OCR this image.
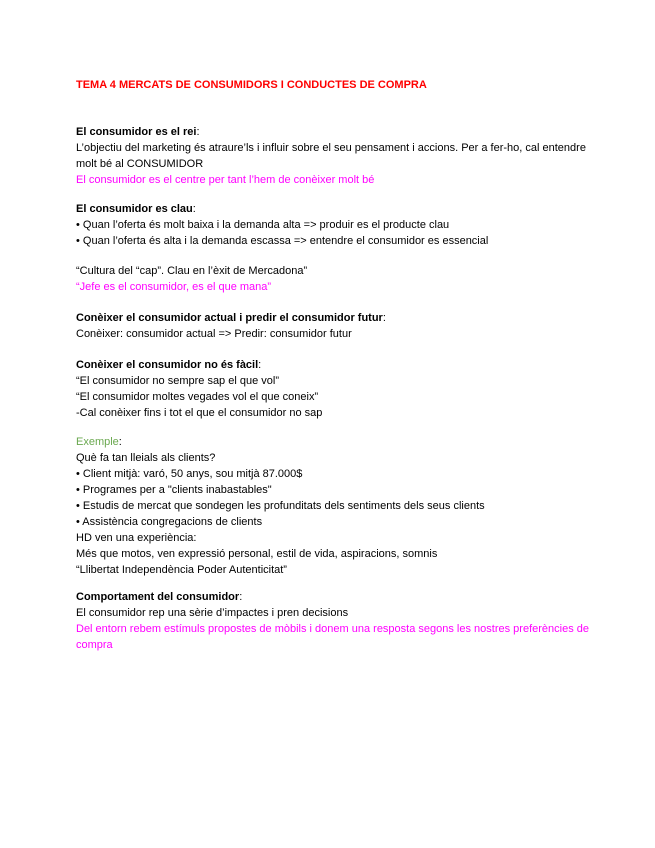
TEMA 4 MERCATS DE CONSUMIDORS I CONDUCTES DE COMPRA
El consumidor es el rei:
L’objectiu del marketing és atraure’ls i influir sobre el seu pensament i accions. Per a fer-ho, cal entendre molt bé al CONSUMIDOR
El consumidor es el centre per tant l’hem de conèixer molt bé
El consumidor es clau:
• Quan l’oferta és molt baixa i la demanda alta => produir es el producte clau
• Quan l’oferta és alta i la demanda escassa => entendre el consumidor es essencial
“Cultura del “cap”. Clau en l’èxit de Mercadona”
“Jefe es el consumidor, es el que mana”
Conèixer el consumidor actual i predir el consumidor futur:
Conèixer: consumidor actual => Predir: consumidor futur
Conèixer el consumidor no és fàcil:
“El consumidor no sempre sap el que vol”
“El consumidor moltes vegades vol el que coneix”
-Cal conèixer fins i tot el que el consumidor no sap
Exemple:
Què fa tan lleials als clients?
• Client mitjà: varó, 50 anys, sou mitjà 87.000$
• Programes per a "clients inabastables"
• Estudis de mercat que sondegen les profunditats dels sentiments dels seus clients
• Assistència congregacions de clients
HD ven una experiència:
Més que motos, ven expressió personal, estil de vida, aspiracions, somnis
“Llibertat Independència Poder Autenticitat”
Comportament del consumidor:
El consumidor rep una sèrie d’impactes i pren decisions
Del entorn rebem estímuls propostes de mòbils i donem una resposta segons les nostres preferències de compra
